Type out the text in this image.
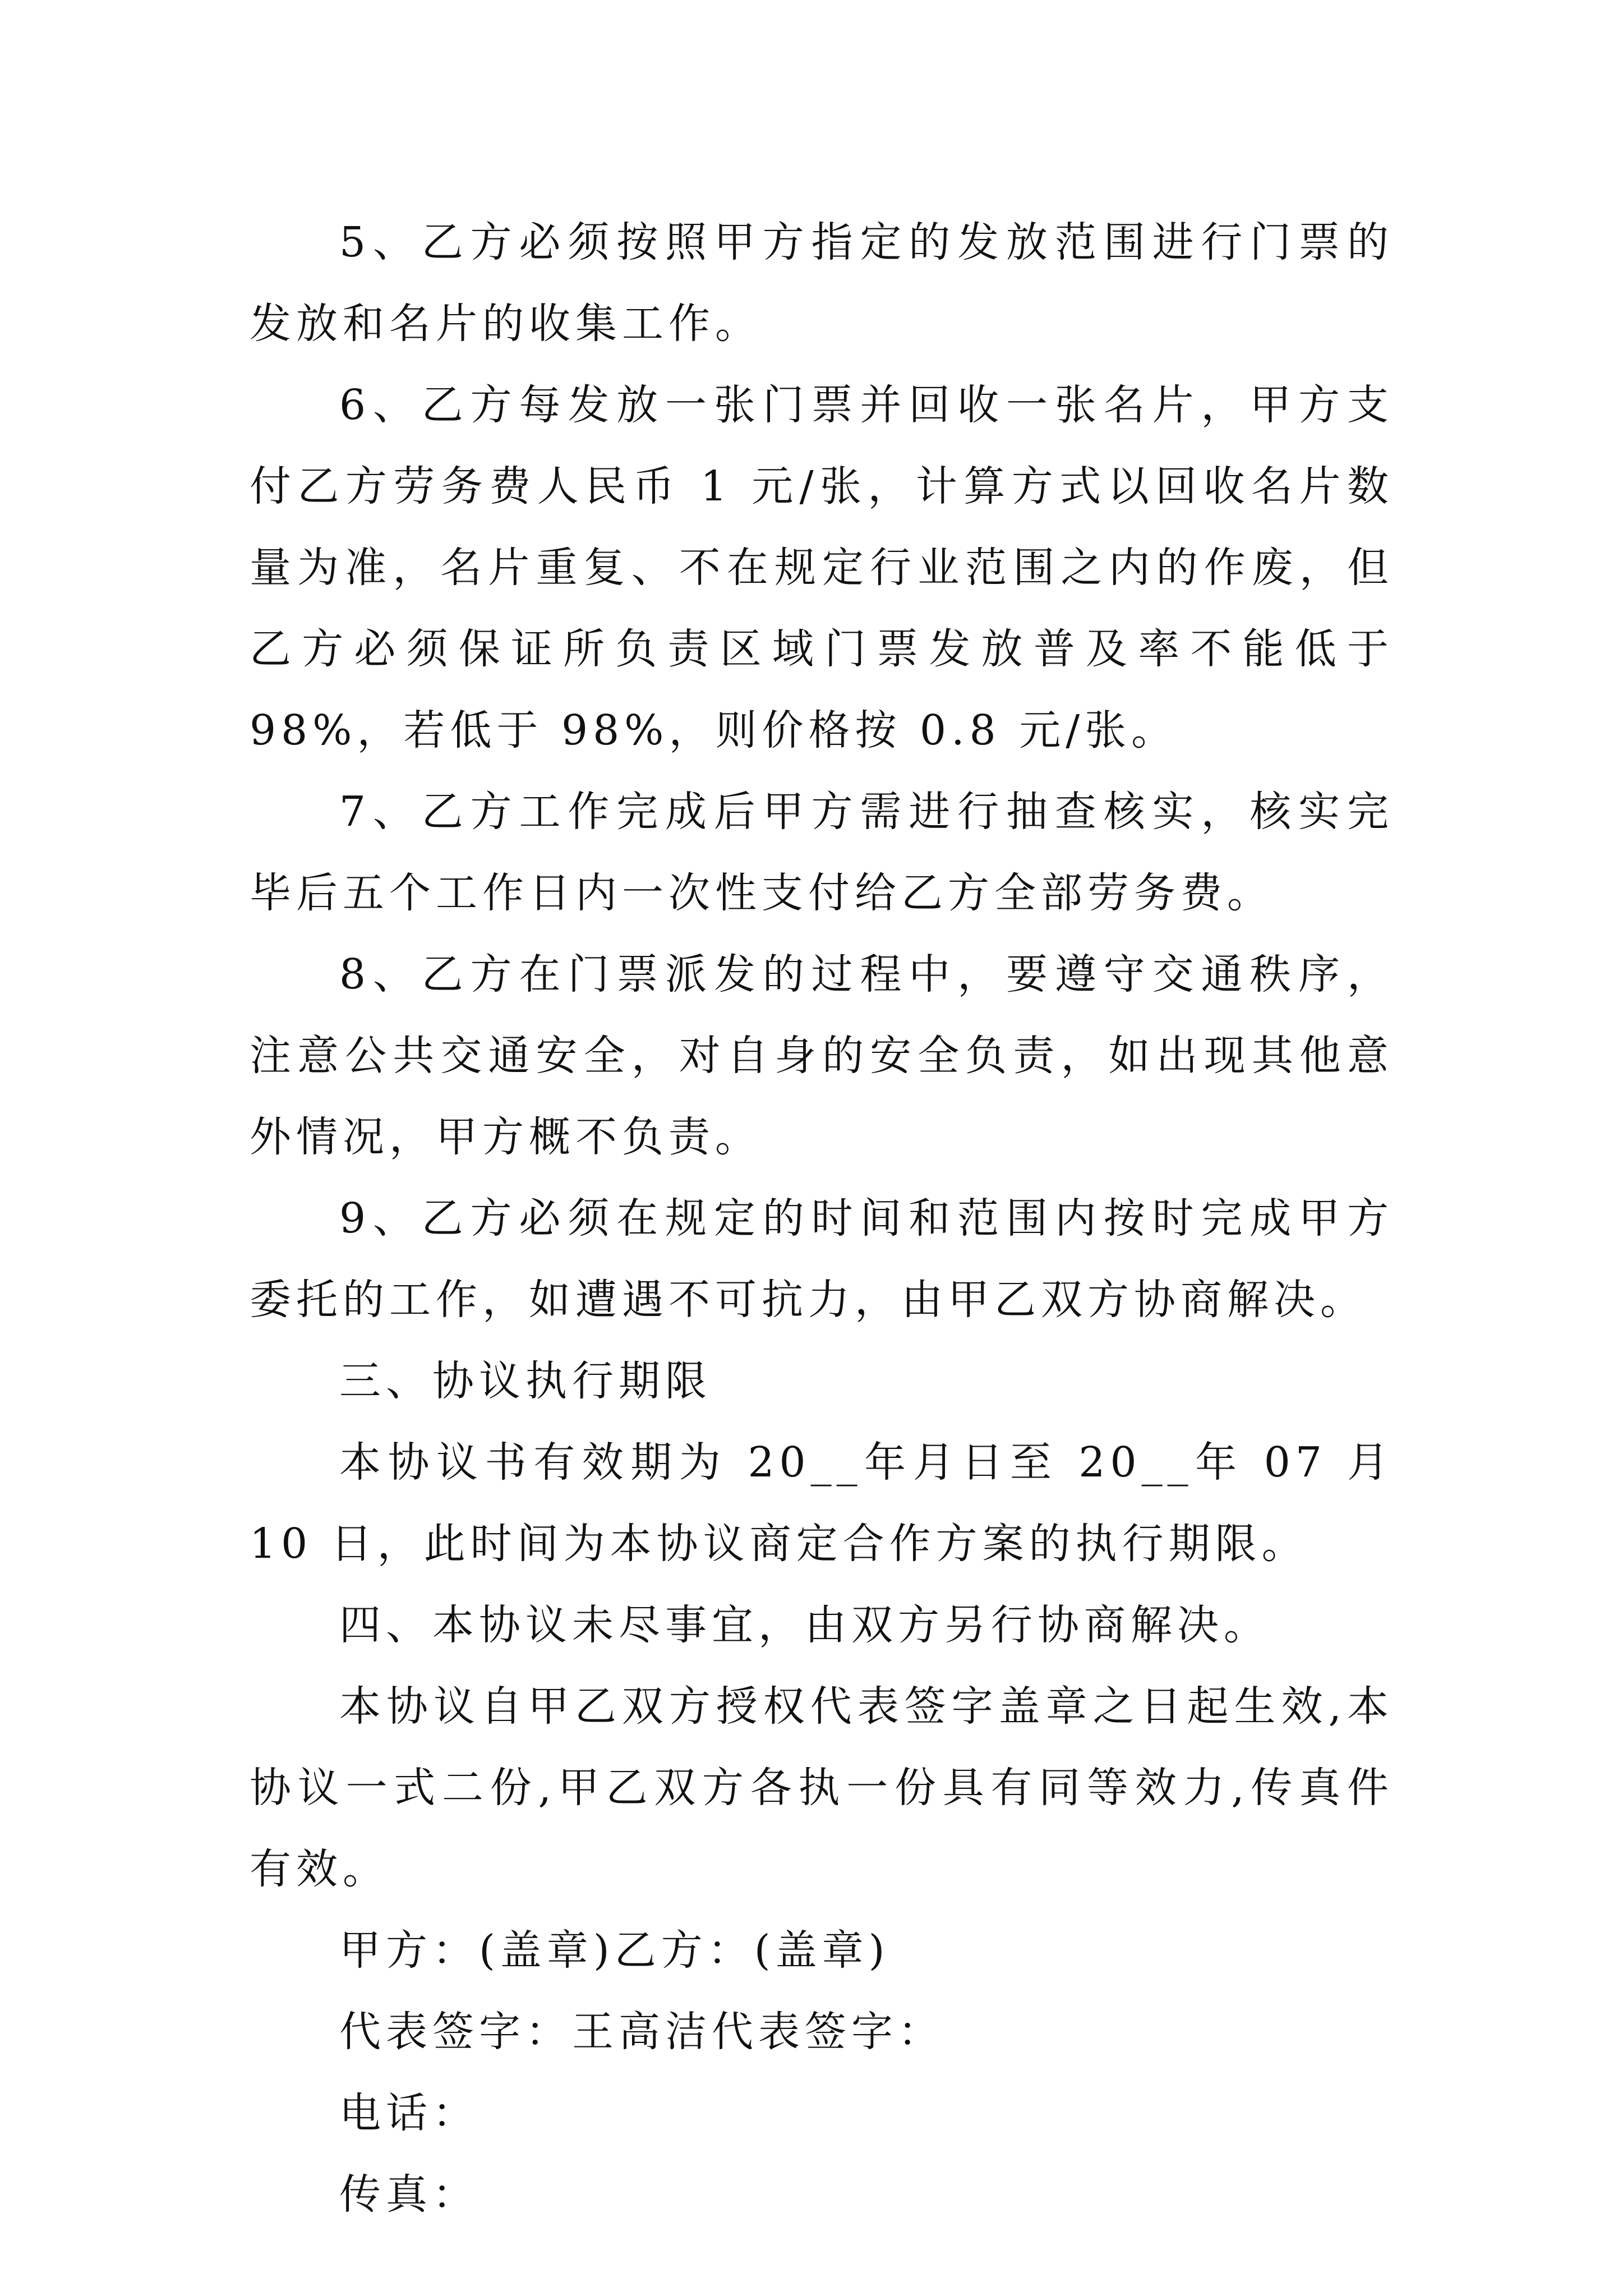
5、乙方必须按照甲方指定的发放范围进行门票的发放和名片的收集工作。

6、乙方每发放一张门票并回收一张名片，甲方支付乙方劳务费人民币 1 元/张，计算方式以回收名片数量为准，名片重复、不在规定行业范围之内的作废，但乙方必须保证所负责区域门票发放普及率不能低于 98%，若低于 98%，则价格按 0.8 元/张。

7、乙方工作完成后甲方需进行抽查核实，核实完毕后五个工作日内一次性支付给乙方全部劳务费。

8、乙方在门票派发的过程中，要遵守交通秩序，注意公共交通安全，对自身的安全负责，如出现其他意外情况，甲方概不负责。

9、乙方必须在规定的时间和范围内按时完成甲方委托的工作，如遭遇不可抗力，由甲乙双方协商解决。

三、协议执行期限

本协议书有效期为 20__年月日至 20__年 07 月 10 日，此时间为本协议商定合作方案的执行期限。

四、本协议未尽事宜，由双方另行协商解决。

本协议自甲乙双方授权代表签字盖章之日起生效,本协议一式二份,甲乙双方各执一份具有同等效力,传真件有效。

甲方：(盖章)乙方：(盖章)

代表签字：王高洁代表签字：

电话：

传真：
